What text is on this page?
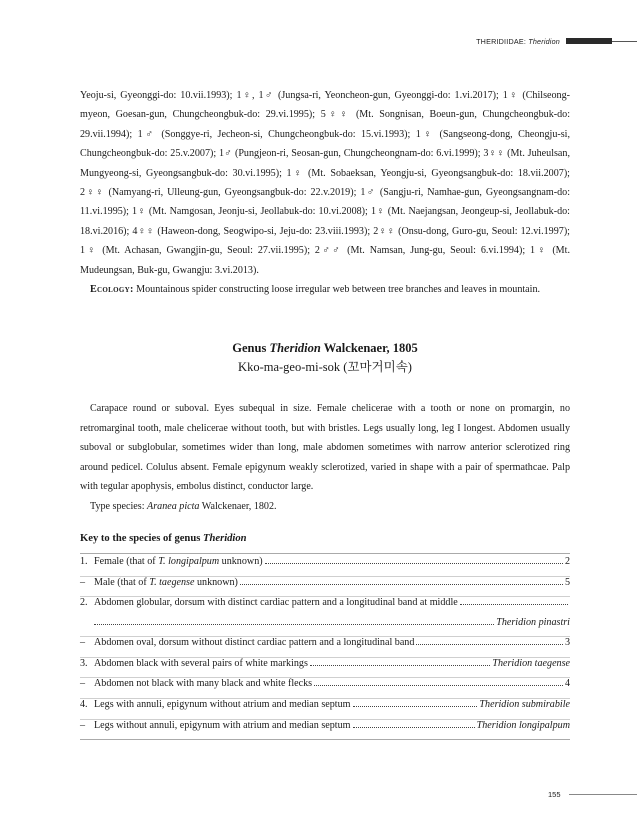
THERIDIIDAE: Theridion

Yeoju-si, Gyeonggi-do: 10.vii.1993); 1♀, 1♂ (Jungsa-ri, Yeoncheon-gun, Gyeonggi-do: 1.vi.2017); 1♀ (Chilseong-myeon, Goesan-gun, Chungcheongbuk-do: 29.vi.1995); 5♀♀ (Mt. Songnisan, Boeun-gun, Chungcheongbuk-do: 29.vii.1994); 1♂ (Songgye-ri, Jecheon-si, Chungcheongbuk-do: 15.vi.1993); 1♀ (Sangseong-dong, Cheongju-si, Chungcheongbuk-do: 25.v.2007); 1♂ (Pungjeon-ri, Seosan-gun, Chungcheongnam-do: 6.vi.1999); 3♀♀ (Mt. Juheulsan, Mungyeong-si, Gyeongsangbuk-do: 30.vi.1995); 1♀ (Mt. Sobaeksan, Yeongju-si, Gyeongsangbuk-do: 18.vii.2007); 2♀♀ (Namyang-ri, Ulleung-gun, Gyeongsangbuk-do: 22.v.2019); 1♂ (Sangju-ri, Namhae-gun, Gyeongsangnam-do: 11.vi.1995); 1♀ (Mt. Namgosan, Jeonju-si, Jeollabuk-do: 10.vi.2008); 1♀ (Mt. Naejangsan, Jeongeup-si, Jeollabuk-do: 18.vi.2016); 4♀♀ (Haweon-dong, Seogwipo-si, Jeju-do: 23.viii.1993); 2♀♀ (Onsu-dong, Guro-gu, Seoul: 12.vi.1997); 1♀ (Mt. Achasan, Gwangjin-gu, Seoul: 27.vii.1995); 2♂♂ (Mt. Namsan, Jung-gu, Seoul: 6.vi.1994); 1♀ (Mt. Mudeungsan, Buk-gu, Gwangju: 3.vi.2013).

Ecology: Mountainous spider constructing loose irregular web between tree branches and leaves in mountain.

Genus Theridion Walckenaer, 1805
Kko-ma-geo-mi-sok (꼬마거미속)

Carapace round or suboval. Eyes subequal in size. Female chelicerae with a tooth or none on promargin, no retromarginal tooth, male chelicerae without tooth, but with bristles. Legs usually long, leg I longest. Abdomen usually suboval or subglobular, sometimes wider than long, male abdomen sometimes with narrow anterior sclerotized ring around pedicel. Colulus absent. Female epigynum weakly sclerotized, varied in shape with a pair of spermathcae. Palp with tegular apophysis, embolus distinct, conductor large.

Type species: Aranea picta Walckenaer, 1802.

Key to the species of genus Theridion
1. Female (that of T. longipalpum unknown)	2
– Male (that of T. taegense unknown)	5
2. Abdomen globular, dorsum with distinct cardiac pattern and a longitudinal band at middle
Theridion pinastri
– Abdomen oval, dorsum without distinct cardiac pattern and a longitudinal band	3
3. Abdomen black with several pairs of white markings	Theridion taegense
– Abdomen not black with many black and white flecks	4
4. Legs with annuli, epigynum without atrium and median septum	Theridion submirabile
– Legs without annuli, epigynum with atrium and median septum	Theridion longipalpum
155
